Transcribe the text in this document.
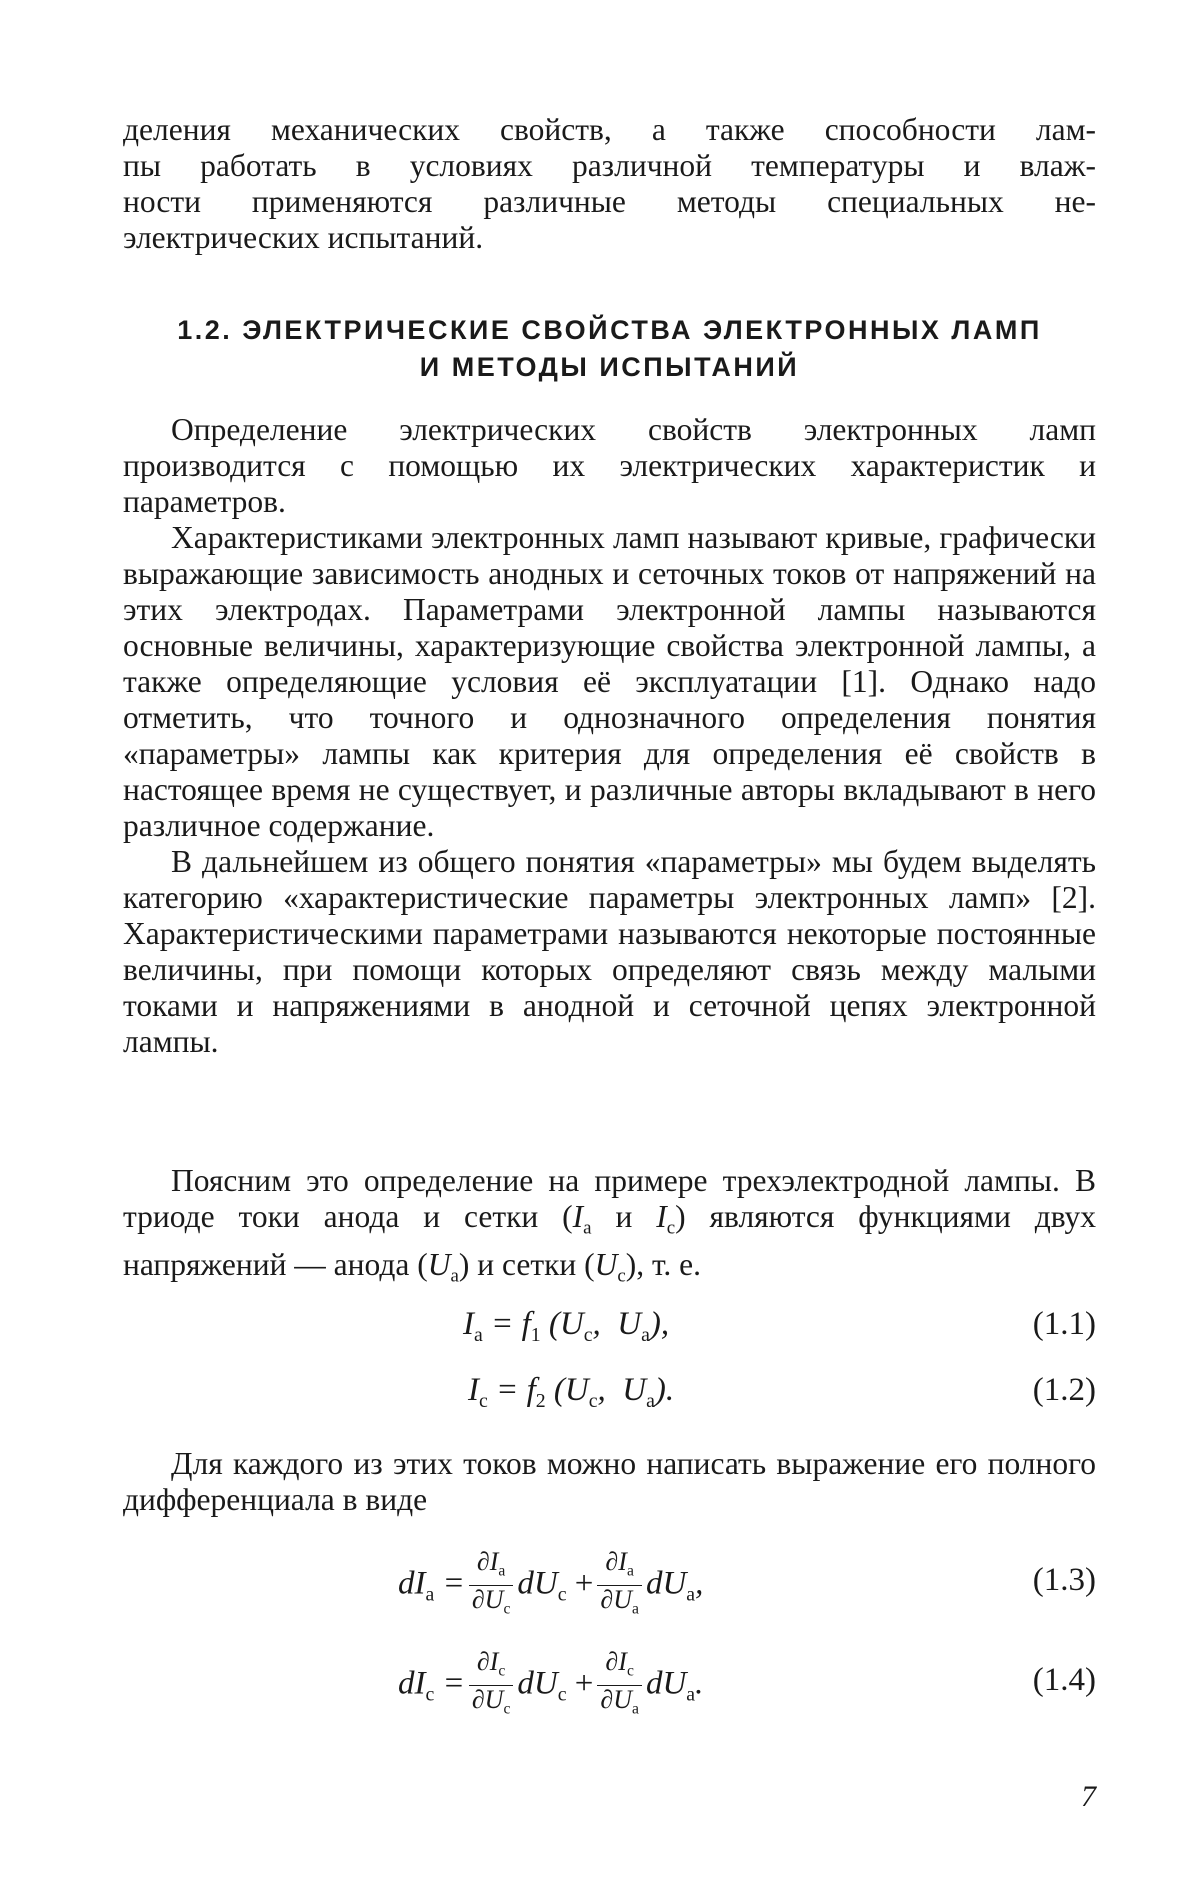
деления механических свойств, а также способности лам-
пы работать в условиях различной температуры и влаж-
ности применяются различные методы специальных не-
электрических испытаний.
1.2. ЭЛЕКТРИЧЕСКИЕ СВОЙСТВА ЭЛЕКТРОННЫХ ЛАМП
И МЕТОДЫ ИСПЫТАНИЙ

Определение электрических свойств электронных ламп производится с помощью их электрических характеристик и параметров.

Характеристиками электронных ламп называют кривые, графически выражающие зависимость анодных и сеточных токов от напряжений на этих электродах. Параметрами электронной лампы называются основные величины, характеризующие свойства электронной лампы, а также определяющие условия её эксплуатации [1]. Однако надо отметить, что точного и однозначного определения понятия «параметры» лампы как критерия для определения её свойств в настоящее время не существует, и различные авторы вкладывают в него различное содержание.

В дальнейшем из общего понятия «параметры» мы будем выделять категорию «характеристические параметры электронных ламп» [2]. Характеристическими параметрами называются некоторые постоянные величины, при помощи которых определяют связь между малыми токами и напряжениями в анодной и сеточной цепях электронной лампы.

Поясним это определение на примере трехэлектродной лампы. В триоде токи анода и сетки ($I_а$ и $I_с$) являются функциями двух напряжений — анода $(U_а)$ и сетки $(U_с)$, т. е.

$I_а = f_1$ ($U_с$, $U_а$),	(1.1)
$I_с = f_2$ ($U_с$, $U_а$).	(1.2)

Для каждого из этих токов можно написать выражение его полного дифференциала в виде

$dI_а = \frac{\partial I_а}{\partial U_с} dU_с + \frac{\partial I_а}{\partial U_а} dU_а$,	(1.3)
$dI_с = \frac{\partial I_с}{\partial U_с} dU_с + \frac{\partial I_с}{\partial U_а} dU_а$.	(1.4)
7
